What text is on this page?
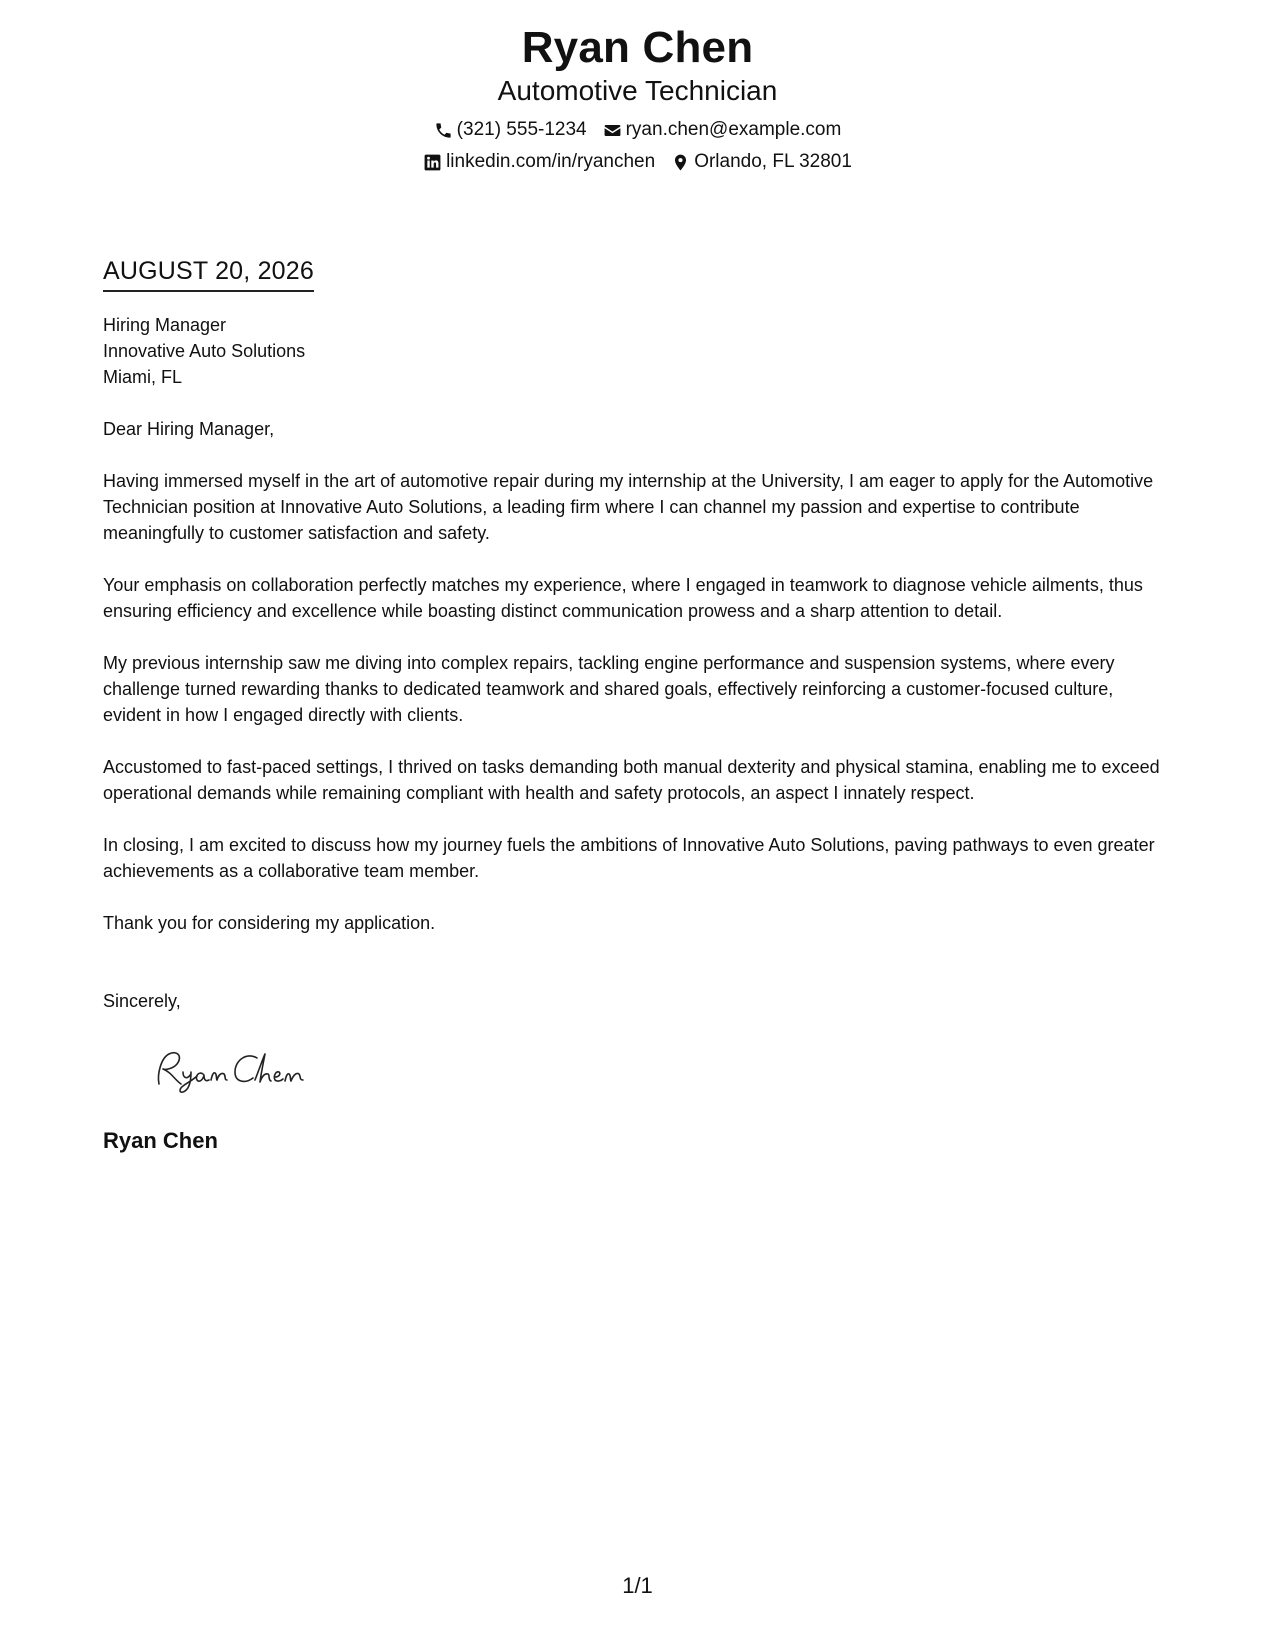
Ryan Chen
Automotive Technician
(321) 555-1234 ryan.chen@example.com
linkedin.com/in/ryanchen Orlando, FL 32801
AUGUST 20, 2026
Hiring Manager
Innovative Auto Solutions
Miami, FL
Dear Hiring Manager,

Having immersed myself in the art of automotive repair during my internship at the University, I am eager to apply for the Automotive Technician position at Innovative Auto Solutions, a leading firm where I can channel my passion and expertise to contribute meaningfully to customer satisfaction and safety.

Your emphasis on collaboration perfectly matches my experience, where I engaged in teamwork to diagnose vehicle ailments, thus ensuring efficiency and excellence while boasting distinct communication prowess and a sharp attention to detail.

My previous internship saw me diving into complex repairs, tackling engine performance and suspension systems, where every challenge turned rewarding thanks to dedicated teamwork and shared goals, effectively reinforcing a customer-focused culture, evident in how I engaged directly with clients.

Accustomed to fast-paced settings, I thrived on tasks demanding both manual dexterity and physical stamina, enabling me to exceed operational demands while remaining compliant with health and safety protocols, an aspect I innately respect.

In closing, I am excited to discuss how my journey fuels the ambitions of Innovative Auto Solutions, paving pathways to even greater achievements as a collaborative team member.

Thank you for considering my application.

Sincerely,
Ryan Chen
1/1
